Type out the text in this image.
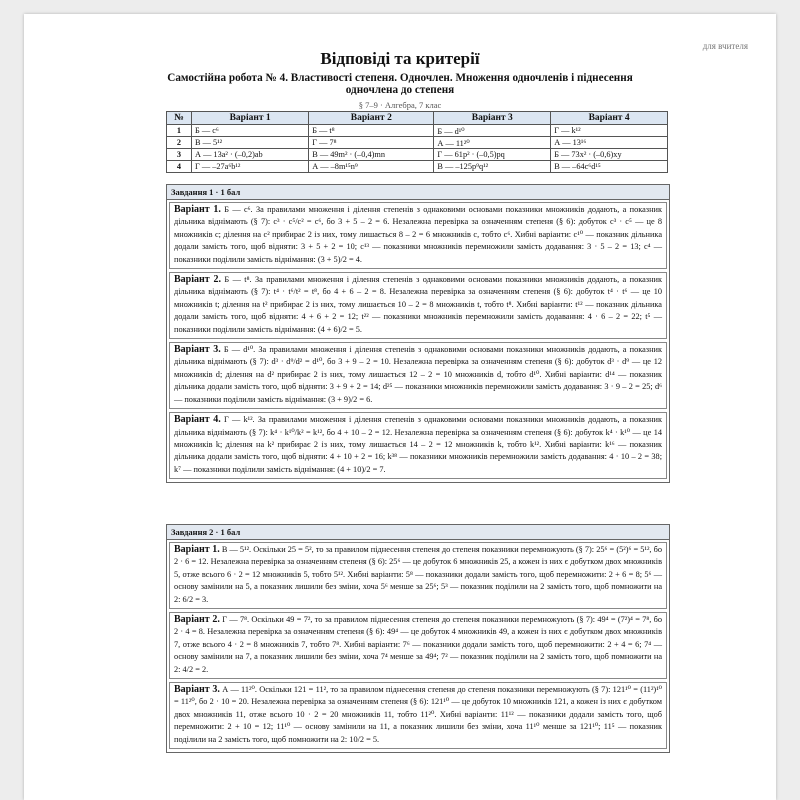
для вчителя
Відповіді та критерії
Самостійна робота № 4. Властивості степеня. Одночлен. Множення одночленів і піднесення одночлена до степеня
§ 7–9 · Алгебра, 7 клас
№	Варіант 1	Варіант 2	Варіант 3	Варіант 4
1	Б — c⁶	Б — t⁸	Б — d¹⁰	Г — k¹²
2	В — 5¹²	Г — 7⁸	А — 11²⁰	А — 13¹⁶
3	А — 13a² · (–0,2)ab	В — 49m² · (–0,4)mn	Г — 61p² · (–0,5)pq	Б — 73x² · (–0,6)xy
4	Г — –27a⁶b¹²	А — –8m¹⁵n⁹	В — –125p⁹q¹²	В — –64c⁶d¹⁵
Завдання 1 · 1 бал
Варіант 1. Б — c⁶. За правилами множення і ділення степенів з однаковими основами показники множників додають, а показник дільника віднімають (§ 7): c³ · c⁵/c² = c⁶, бо 3 + 5 – 2 = 6. Незалежна перевірка за означенням степеня (§ 6): добуток c³ · c⁵ — це 8 множників c; ділення на c² прибирає 2 із них, тому лишається 8 – 2 = 6 множників c, тобто c⁶. Хибні варіанти: c¹⁰ — показник дільника додали замість того, щоб відняти: 3 + 5 + 2 = 10; c¹³ — показники множників перемножили замість додавання: 3 · 5 – 2 = 13; c⁴ — показники поділили замість віднімання: (3 + 5)/2 = 4.
Варіант 2. Б — t⁸. За правилами множення і ділення степенів з однаковими основами показники множників додають, а показник дільника віднімають (§ 7): t⁴ · t⁶/t² = t⁸, бо 4 + 6 – 2 = 8. Незалежна перевірка за означенням степеня (§ 6): добуток t⁴ · t⁶ — це 10 множників t; ділення на t² прибирає 2 із них, тому лишається 10 – 2 = 8 множників t, тобто t⁸. Хибні варіанти: t¹² — показник дільника додали замість того, щоб відняти: 4 + 6 + 2 = 12; t²² — показники множників перемножили замість додавання: 4 · 6 – 2 = 22; t⁵ — показники поділили замість віднімання: (4 + 6)/2 = 5.
Варіант 3. Б — d¹⁰. За правилами множення і ділення степенів з однаковими основами показники множників додають, а показник дільника віднімають (§ 7): d³ · d⁹/d² = d¹⁰, бо 3 + 9 – 2 = 10. Незалежна перевірка за означенням степеня (§ 6): добуток d³ · d⁹ — це 12 множників d; ділення на d² прибирає 2 із них, тому лишається 12 – 2 = 10 множників d, тобто d¹⁰. Хибні варіанти: d¹⁴ — показник дільника додали замість того, щоб відняти: 3 + 9 + 2 = 14; d²⁵ — показники множників перемножили замість додавання: 3 · 9 – 2 = 25; d⁶ — показники поділили замість віднімання: (3 + 9)/2 = 6.
Варіант 4. Г — k¹². За правилами множення і ділення степенів з однаковими основами показники множників додають, а показник дільника віднімають (§ 7): k⁴ · k¹⁰/k² = k¹², бо 4 + 10 – 2 = 12. Незалежна перевірка за означенням степеня (§ 6): добуток k⁴ · k¹⁰ — це 14 множників k; ділення на k² прибирає 2 із них, тому лишається 14 – 2 = 12 множників k, тобто k¹². Хибні варіанти: k¹⁶ — показник дільника додали замість того, щоб відняти: 4 + 10 + 2 = 16; k³⁸ — показники множників перемножили замість додавання: 4 · 10 – 2 = 38; k⁷ — показники поділили замість віднімання: (4 + 10)/2 = 7.
Завдання 2 · 1 бал
Варіант 1. В — 5¹². Оскільки 25 = 5², то за правилом піднесення степеня до степеня показники перемножують (§ 7): 25⁶ = (5²)⁶ = 5¹², бо 2 · 6 = 12. Незалежна перевірка за означенням степеня (§ 6): 25⁶ — це добуток 6 множників 25, а кожен із них є добутком двох множників 5, отже всього 6 · 2 = 12 множників 5, тобто 5¹². Хибні варіанти: 5⁸ — показники додали замість того, щоб перемножити: 2 + 6 = 8; 5⁶ — основу замінили на 5, а показник лишили без зміни, хоча 5⁶ менше за 25⁶; 5³ — показник поділили на 2 замість того, щоб помножити на 2: 6/2 = 3.
Варіант 2. Г — 7⁸. Оскільки 49 = 7², то за правилом піднесення степеня до степеня показники перемножують (§ 7): 49⁴ = (7²)⁴ = 7⁸, бо 2 · 4 = 8. Незалежна перевірка за означенням степеня (§ 6): 49⁴ — це добуток 4 множників 49, а кожен із них є добутком двох множників 7, отже всього 4 · 2 = 8 множників 7, тобто 7⁸. Хибні варіанти: 7⁶ — показники додали замість того, щоб перемножити: 2 + 4 = 6; 7⁴ — основу замінили на 7, а показник лишили без зміни, хоча 7⁴ менше за 49⁴; 7² — показник поділили на 2 замість того, щоб помножити на 2: 4/2 = 2.
Варіант 3. А — 11²⁰. Оскільки 121 = 11², то за правилом піднесення степеня до степеня показники перемножують (§ 7): 121¹⁰ = (11²)¹⁰ = 11²⁰, бо 2 · 10 = 20. Незалежна перевірка за означенням степеня (§ 6): 121¹⁰ — це добуток 10 множників 121, а кожен із них є добутком двох множників 11, отже всього 10 · 2 = 20 множників 11, тобто 11²⁰. Хибні варіанти: 11¹² — показники додали замість того, щоб перемножити: 2 + 10 = 12; 11¹⁰ — основу замінили на 11, а показник лишили без зміни, хоча 11¹⁰ менше за 121¹⁰; 11⁵ — показник поділили на 2 замість того, щоб помножити на 2: 10/2 = 5.
